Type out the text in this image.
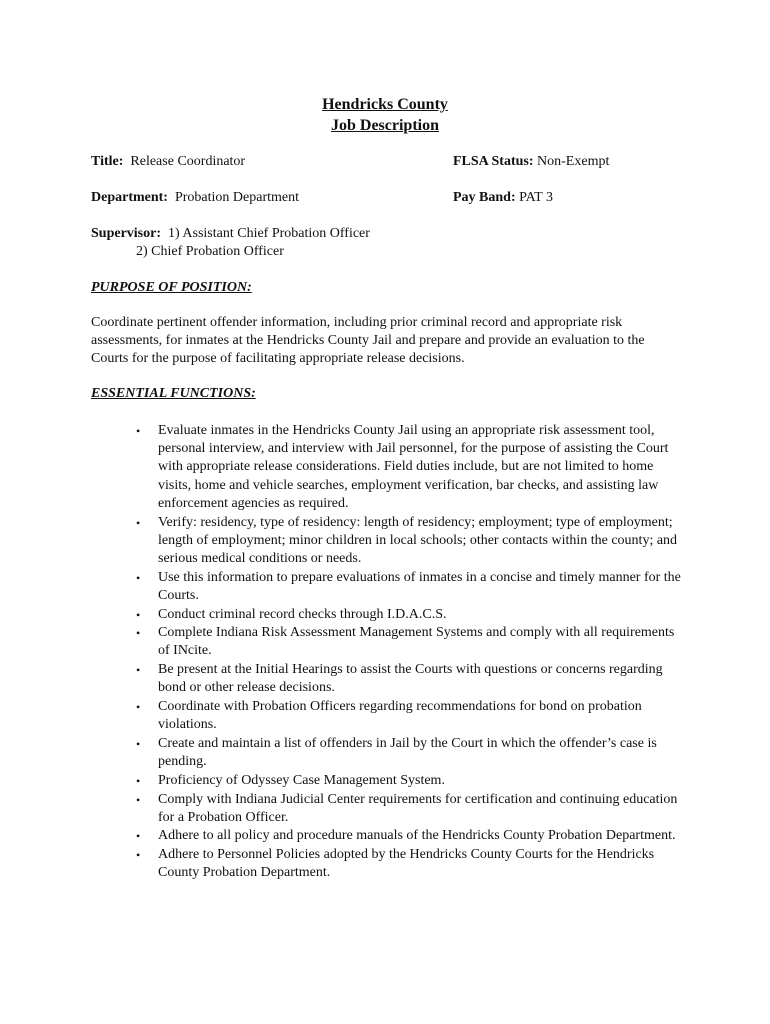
Hendricks County
Job Description
Title: Release Coordinator	FLSA Status: Non-Exempt
Department: Probation Department	Pay Band: PAT 3
Supervisor: 1) Assistant Chief Probation Officer
2) Chief Probation Officer
PURPOSE OF POSITION:
Coordinate pertinent offender information, including prior criminal record and appropriate risk assessments, for inmates at the Hendricks County Jail and prepare and provide an evaluation to the Courts for the purpose of facilitating appropriate release decisions.
ESSENTIAL FUNCTIONS:
• Evaluate inmates in the Hendricks County Jail using an appropriate risk assessment tool, personal interview, and interview with Jail personnel, for the purpose of assisting the Court with appropriate release considerations. Field duties include, but are not limited to home visits, home and vehicle searches, employment verification, bar checks, and assisting law enforcement agencies as required.
• Verify: residency, type of residency: length of residency; employment; type of employment; length of employment; minor children in local schools; other contacts within the county; and serious medical conditions or needs.
• Use this information to prepare evaluations of inmates in a concise and timely manner for the Courts.
• Conduct criminal record checks through I.D.A.C.S.
• Complete Indiana Risk Assessment Management Systems and comply with all requirements of INcite.
• Be present at the Initial Hearings to assist the Courts with questions or concerns regarding bond or other release decisions.
• Coordinate with Probation Officers regarding recommendations for bond on probation violations.
• Create and maintain a list of offenders in Jail by the Court in which the offender’s case is pending.
• Proficiency of Odyssey Case Management System.
• Comply with Indiana Judicial Center requirements for certification and continuing education for a Probation Officer.
• Adhere to all policy and procedure manuals of the Hendricks County Probation Department.
• Adhere to Personnel Policies adopted by the Hendricks County Courts for the Hendricks County Probation Department.
